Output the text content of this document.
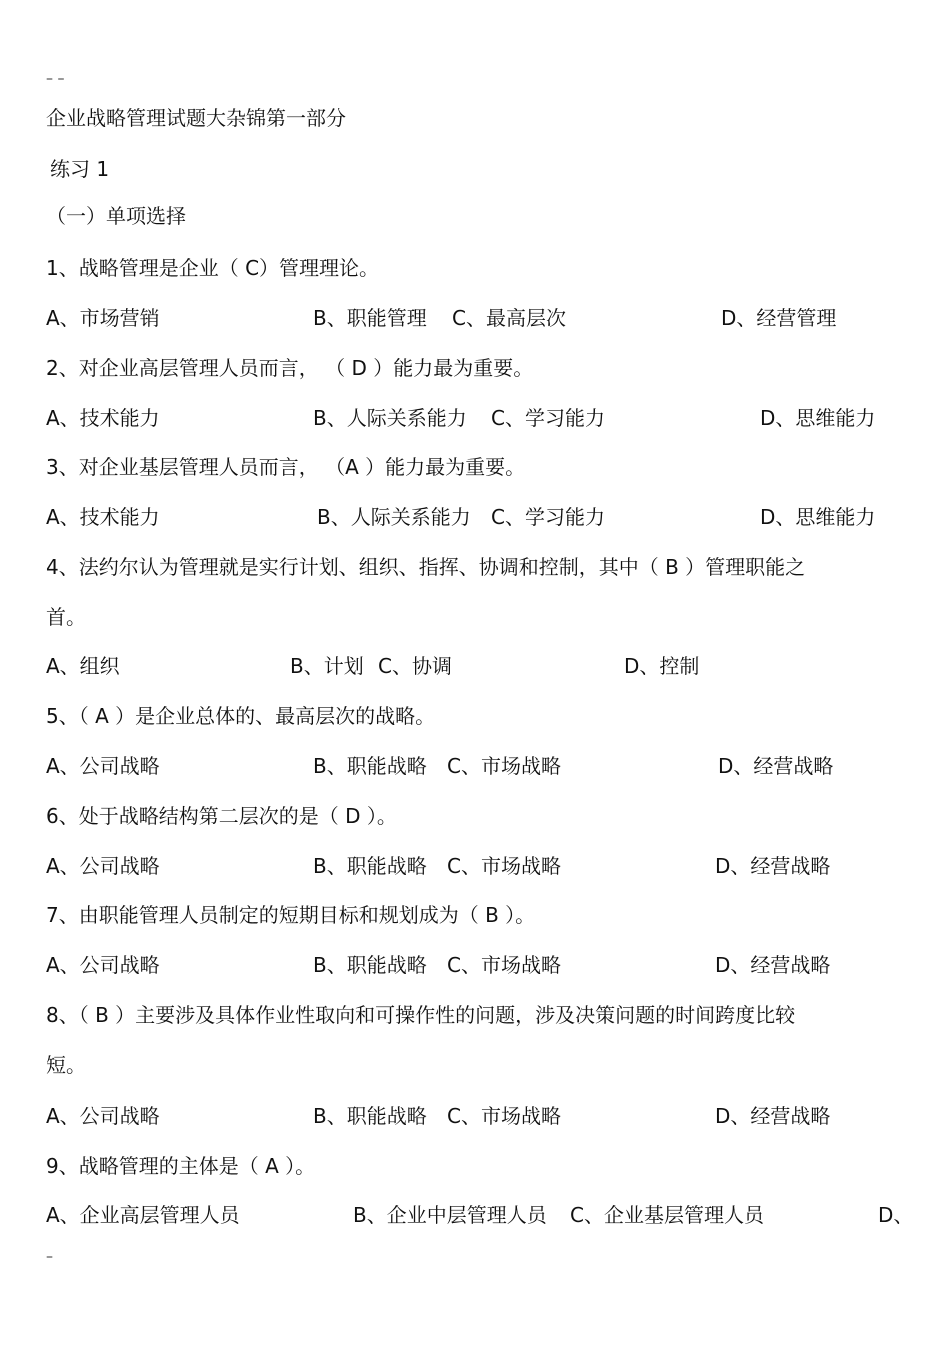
– –
企业战略管理试题大杂锦第一部分
练习 1
（一）单项选择
1、战略管理是企业（ C）管理理论。
A、市场营销	B、职能管理 C、最高层次	D、经营管理
2、对企业高层管理人员而言， （ D ）能力最为重要。
A、技术能力	B、人际关系能力 C、学习能力	D、思维能力
3、对企业基层管理人员而言， （A ）能力最为重要。
A、技术能力	B、人际关系能力 C、学习能力	D、思维能力
4、法约尔认为管理就是实行计划、组织、指挥、协调和控制，其中（ B ）管理职能之
首。
A、组织	B、计划 C、协调	D、控制
5、（ A ）是企业总体的、最高层次的战略。
A、公司战略	B、职能战略 C、市场战略	D、经营战略
6、处于战略结构第二层次的是（ D ）。
A、公司战略	B、职能战略 C、市场战略	D、经营战略
7、由职能管理人员制定的短期目标和规划成为（ B ）。
A、公司战略	B、职能战略 C、市场战略	D、经营战略
8、（ B ）主要涉及具体作业性取向和可操作性的问题，涉及决策问题的时间跨度比较
短。
A、公司战略	B、职能战略 C、市场战略	D、经营战略
9、战略管理的主体是（ A ）。
A、企业高层管理人员	B、企业中层管理人员 C、企业基层管理人员	D、
–
